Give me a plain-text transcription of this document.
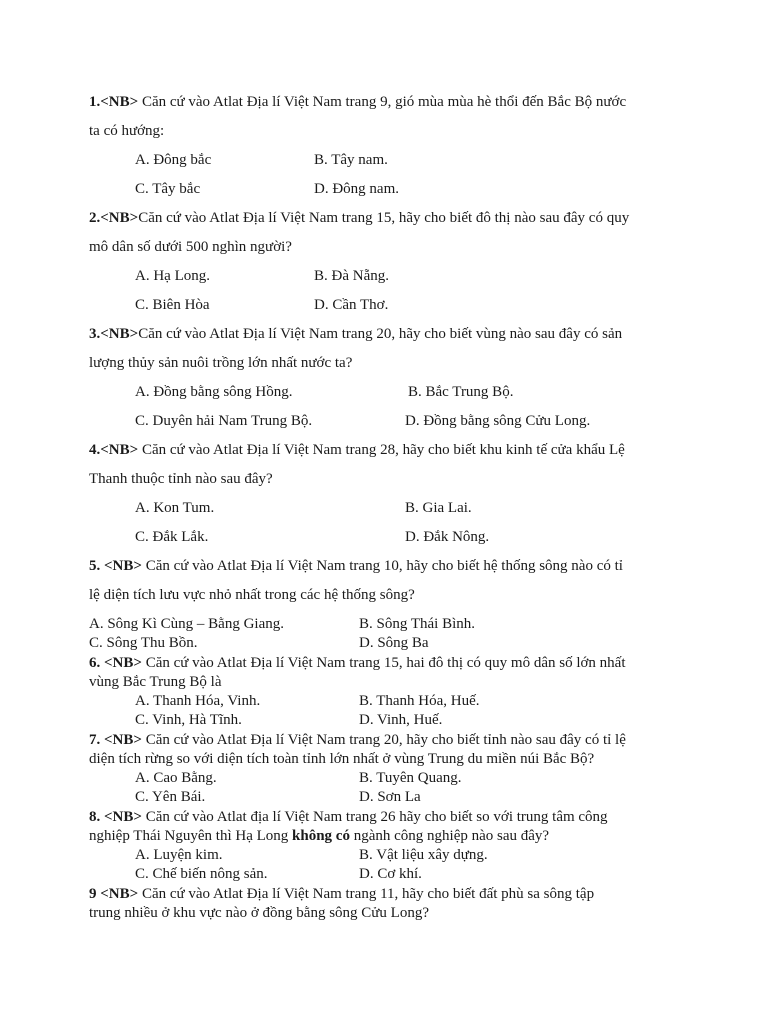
1.<NB> Căn cứ vào Atlat Địa lí Việt Nam trang 9, gió mùa mùa hè thổi đến Bắc Bộ nước
ta có hướng:
A. Đông bắc	B. Tây nam.
C. Tây bắc	D. Đông nam.
2.<NB>Căn cứ vào Atlat Địa lí Việt Nam trang 15, hãy cho biết đô thị nào sau đây có quy
mô dân số dưới 500 nghìn người?
A. Hạ Long.	B. Đà Nẵng.
C. Biên Hòa	D. Cần Thơ.
3.<NB>Căn cứ vào Atlat Địa lí Việt Nam trang 20, hãy cho biết vùng nào sau đây có sản
lượng thủy sản nuôi trồng lớn nhất nước ta?
A. Đồng bằng sông Hồng.	B. Bắc Trung Bộ.
C. Duyên hải Nam Trung Bộ.	D. Đồng bằng sông Cửu Long.
4.<NB> Căn cứ vào Atlat Địa lí Việt Nam trang 28, hãy cho biết khu kinh tế cửa khẩu Lệ
Thanh thuộc tỉnh nào sau đây?
A. Kon Tum.	B. Gia Lai.
C. Đắk Lắk.	D. Đắk Nông.
5. <NB> Căn cứ vào Atlat Địa lí Việt Nam trang 10, hãy cho biết hệ thống sông nào có tỉ
lệ diện tích lưu vực nhỏ nhất trong các hệ thống sông?
A. Sông Kì Cùng – Bằng Giang.	B. Sông Thái Bình.
C. Sông Thu Bồn.	D. Sông Ba
6. <NB> Căn cứ vào Atlat Địa lí Việt Nam trang 15, hai đô thị có quy mô dân số lớn nhất
vùng Bắc Trung Bộ là
A. Thanh Hóa, Vinh.	B. Thanh Hóa, Huế.
C. Vinh, Hà Tĩnh.	D. Vinh, Huế.
7. <NB> Căn cứ vào Atlat Địa lí Việt Nam trang 20, hãy cho biết tỉnh nào sau đây có tỉ lệ
diện tích rừng so với diện tích toàn tỉnh lớn nhất ở vùng Trung du miền núi Bắc Bộ?
A. Cao Bằng.	B. Tuyên Quang.
C. Yên Bái.	D. Sơn La
8. <NB> Căn cứ vào Atlat địa lí Việt Nam trang 26 hãy cho biết so với trung tâm công
nghiệp Thái Nguyên thì Hạ Long không có ngành công nghiệp nào sau đây?
A. Luyện kim.	B. Vật liệu xây dựng.
C. Chế biến nông sản.	D. Cơ khí.
9 <NB> Căn cứ vào Atlat Địa lí Việt Nam trang 11, hãy cho biết đất phù sa sông tập
trung nhiều ở khu vực nào ở đồng bằng sông Cửu Long?
